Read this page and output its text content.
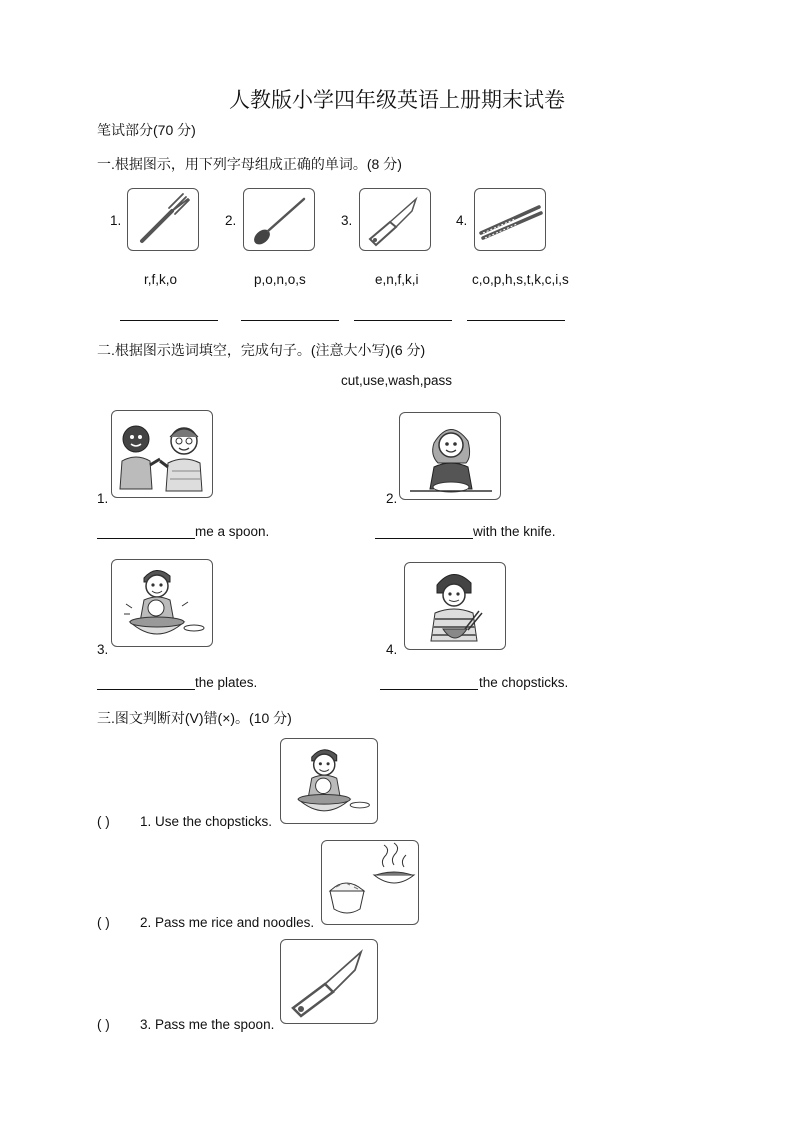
人教版小学四年级英语上册期末试卷
笔试部分(70 分)
一.根据图示，用下列字母组成正确的单词。(8 分)
1.
r,f,k,o
2.
p,o,n,o,s
3.
e,n,f,k,i
4.
c,o,p,h,s,t,k,c,i,s
二.根据图示选词填空，完成句子。(注意大小写)(6 分)
cut,use,wash,pass
1.
me a spoon.
2.
with the knife.
3.
the plates.
4.
the chopsticks.
三.图文判断对(V)错(×)。(10 分)
( ) 1. Use the chopsticks.
( ) 2. Pass me rice and noodles.
( ) 3. Pass me the spoon.
